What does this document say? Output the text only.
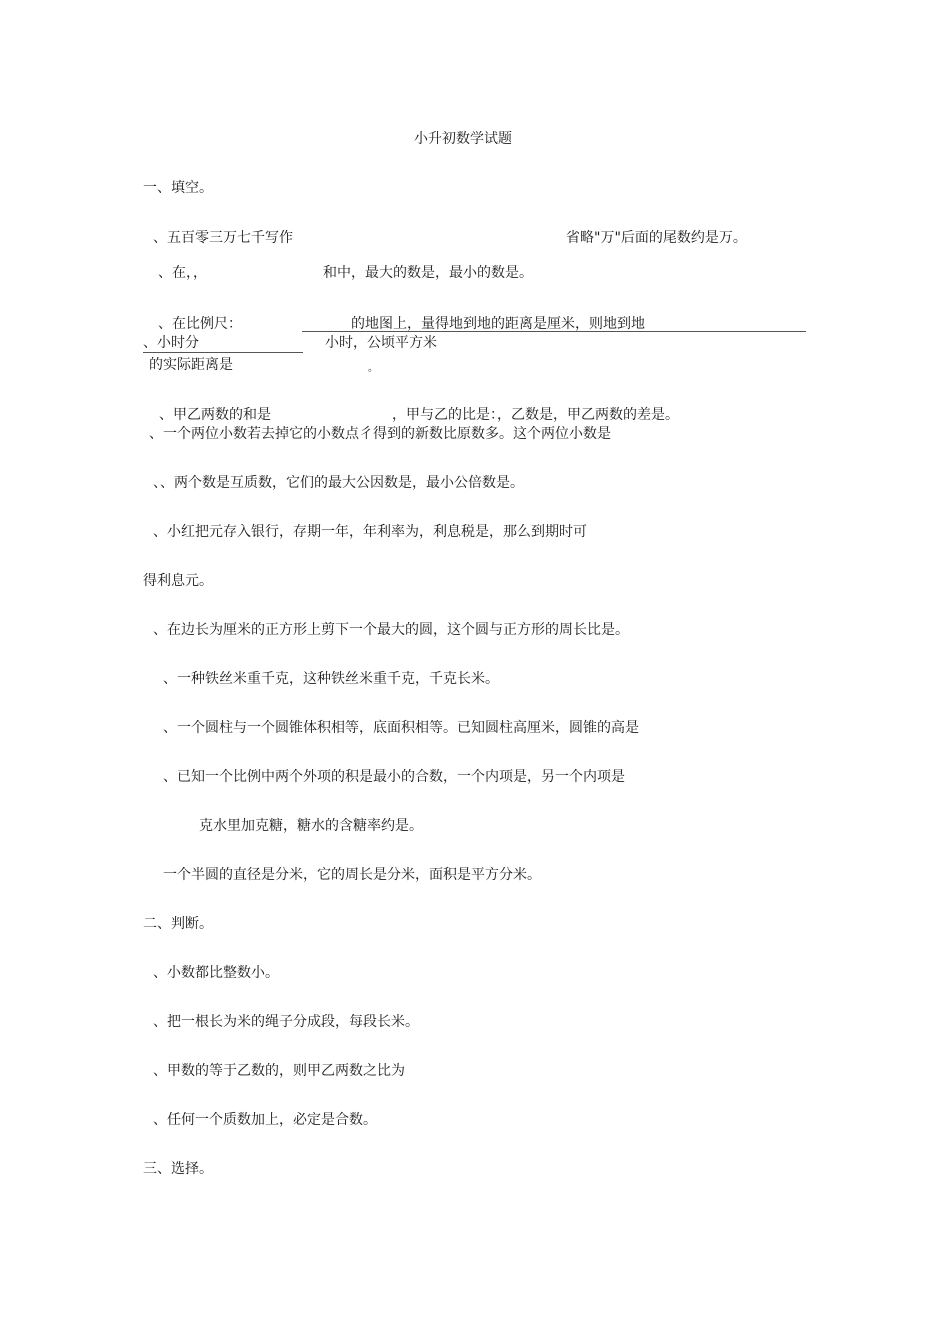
小升初数学试题
一、填空。
、五百零三万七千写作	省略"万"后面的尾数约是万。
、在，，	和中，最大的数是，最小的数是。
、在比例尺：	的地图上，量得地到地的距离是厘米，则地到地
、小时分	小时，公顷平方米
的实际距离是	。
、甲乙两数的和是	，甲与乙的比是：，乙数是，甲乙两数的差是。
、一个两位小数若去掉它的小数点彳得到的新数比原数多。这个两位小数是
、、两个数是互质数，它们的最大公因数是，最小公倍数是。
、小红把元存入银行，存期一年，年利率为，利息税是，那么到期时可
得利息元。
、在边长为厘米的正方形上剪下一个最大的圆，这个圆与正方形的周长比是。
、一种铁丝米重千克，这种铁丝米重千克，千克长米。
、一个圆柱与一个圆锥体积相等，底面积相等。已知圆柱高厘米，圆锥的高是
、已知一个比例中两个外项的积是最小的合数，一个内项是，另一个内项是
克水里加克糖，糖水的含糖率约是。
一个半圆的直径是分米，它的周长是分米，面积是平方分米。
二、判断。
、小数都比整数小。
、把一根长为米的绳子分成段，每段长米。
、甲数的等于乙数的，则甲乙两数之比为
、任何一个质数加上，必定是合数。
三、选择。
